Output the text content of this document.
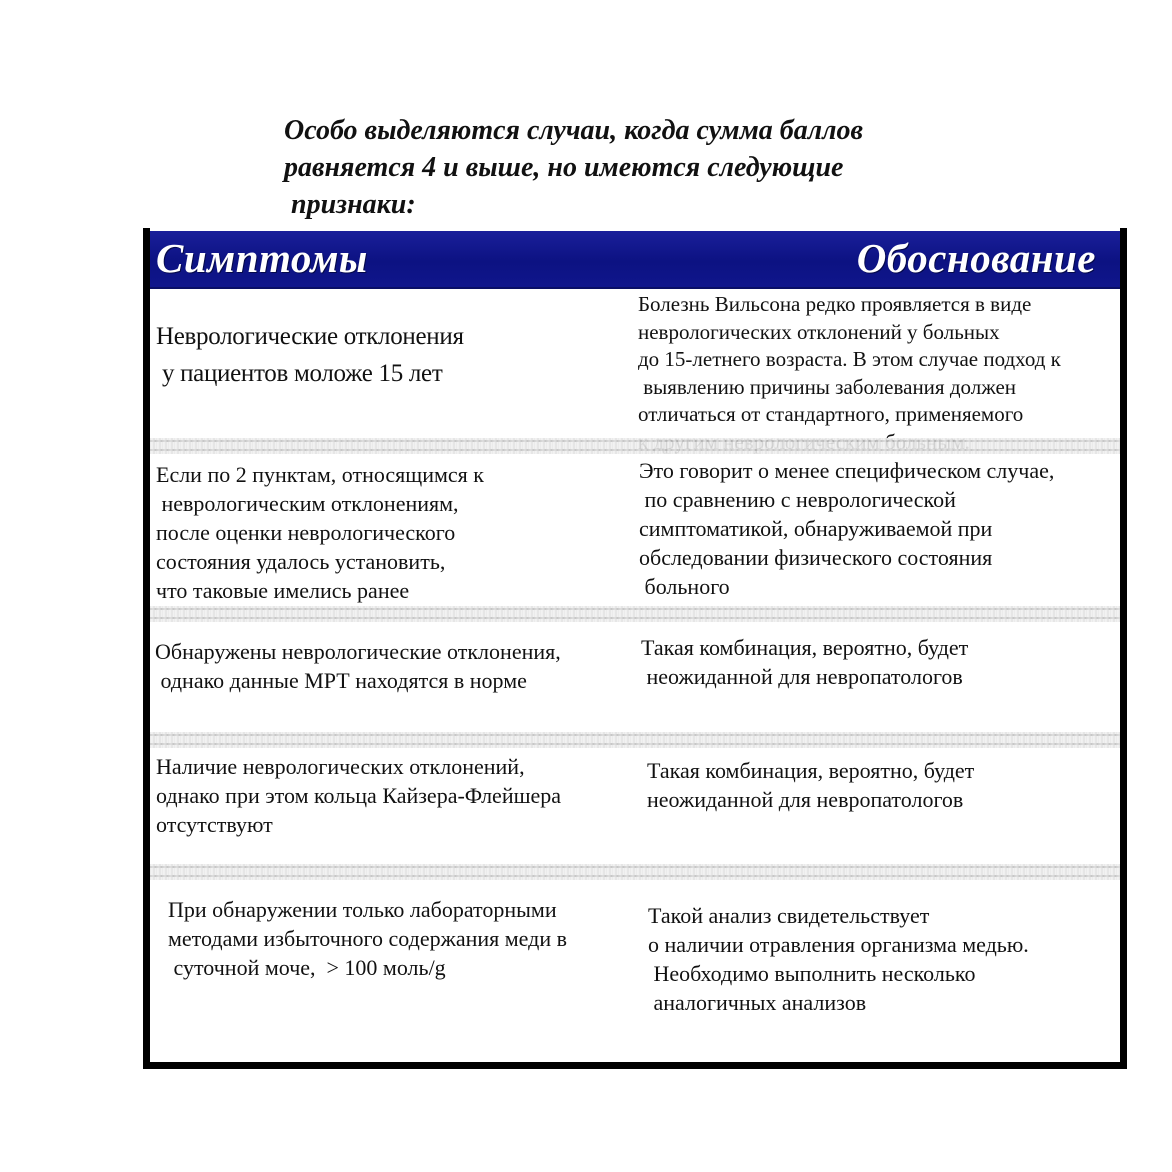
Особо выделяются случаи, когда сумма баллов
равняется 4 и выше, но имеются следующие
признаки:
Симптомы	Обоснование
Неврологические отклонения
у пациентов моложе 15 лет
Болезнь Вильсона редко проявляется в виде
неврологических отклонений у больных
до 15-летнего возраста. В этом случае подход к
выявлению причины заболевания должен
отличаться от стандартного, применяемого
Если по 2 пунктам, относящимся к
неврологическим отклонениям,
после оценки неврологического
состояния удалось установить,
что таковые имелись ранее
Это говорит о менее специфическом случае,
по сравнению с неврологической
симптоматикой, обнаруживаемой при
обследовании физического состояния
больного
Обнаружены неврологические отклонения,
однако данные МРТ находятся в норме
Такая комбинация, вероятно, будет
неожиданной для невропатологов
Наличие неврологических отклонений,
однако при этом кольца Кайзера-Флейшера
отсутствуют
Такая комбинация, вероятно, будет
неожиданной для невропатологов
При обнаружении только лабораторными
методами избыточного содержания меди в
суточной моче,  > 100 моль/g
Такой анализ свидетельствует
о наличии отравления организма медью.
Необходимо выполнить несколько
аналогичных анализов
